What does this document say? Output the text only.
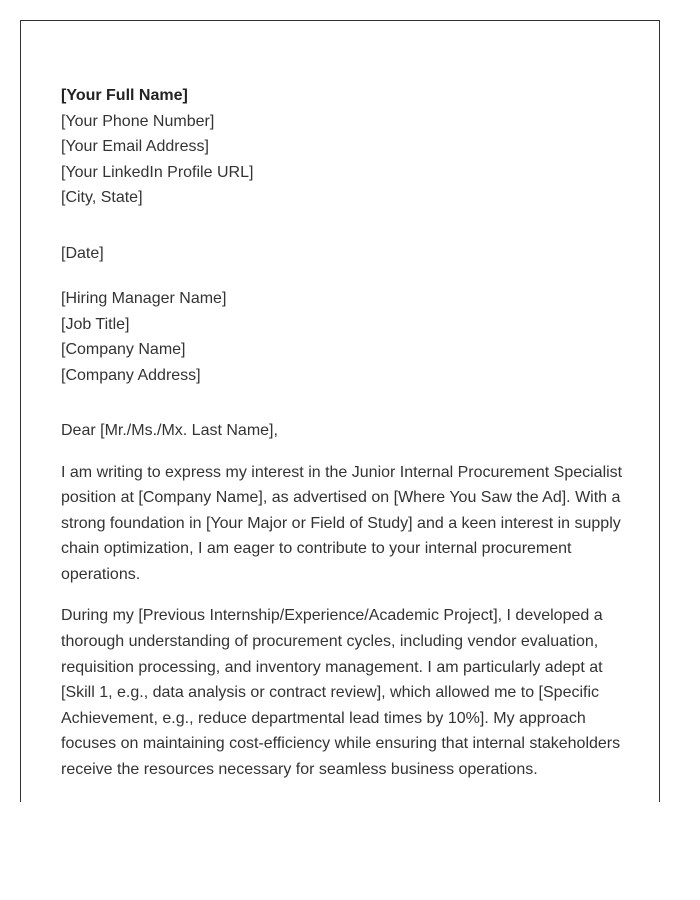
[Your Full Name]
[Your Phone Number]
[Your Email Address]
[Your LinkedIn Profile URL]
[City, State]
[Date]
[Hiring Manager Name]
[Job Title]
[Company Name]
[Company Address]
Dear [Mr./Ms./Mx. Last Name],

I am writing to express my interest in the Junior Internal Procurement Specialist position at [Company Name], as advertised on [Where You Saw the Ad]. With a strong foundation in [Your Major or Field of Study] and a keen interest in supply chain optimization, I am eager to contribute to your internal procurement operations.

During my [Previous Internship/Experience/Academic Project], I developed a thorough understanding of procurement cycles, including vendor evaluation, requisition processing, and inventory management. I am particularly adept at [Skill 1, e.g., data analysis or contract review], which allowed me to [Specific Achievement, e.g., reduce departmental lead times by 10%]. My approach focuses on maintaining cost-efficiency while ensuring that internal stakeholders receive the resources necessary for seamless business operations.
